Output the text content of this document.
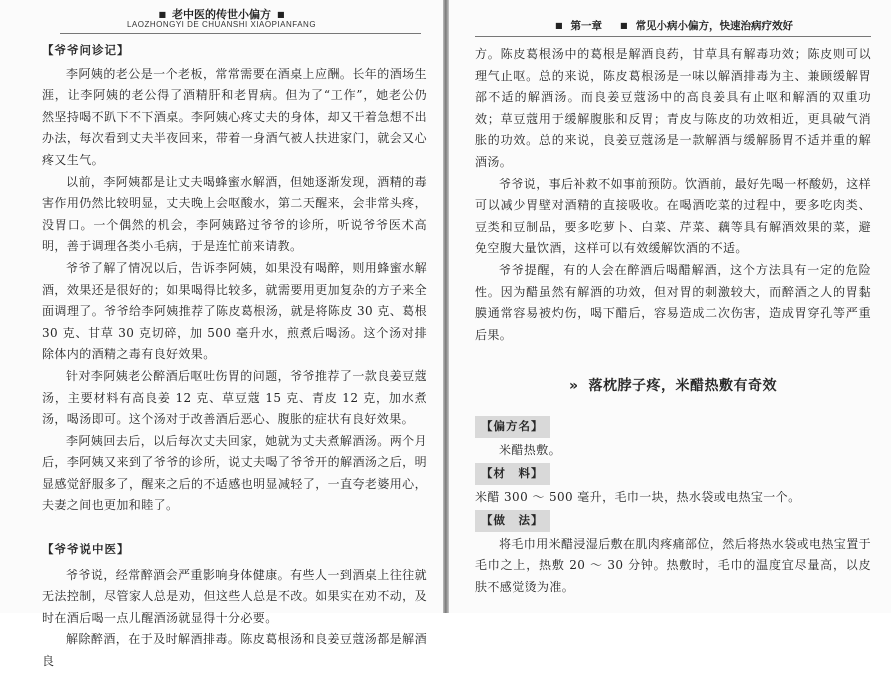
■ 老中医的传世小偏方 ■
LAOZHONGYI DE CHUANSHI XIAOPIANFANG
【爷爷问诊记】

李阿姨的老公是一个老板，常常需要在酒桌上应酬。长年的酒场生涯，让李阿姨的老公得了酒精肝和老胃病。但为了“工作”，她老公仍然坚持喝不趴下不下酒桌。李阿姨心疼丈夫的身体，却又干着急想不出办法，每次看到丈夫半夜回来，带着一身酒气被人扶进家门，就会又心疼又生气。

以前，李阿姨都是让丈夫喝蜂蜜水解酒，但她逐渐发现，酒精的毒害作用仍然比较明显，丈夫晚上会呕酸水，第二天醒来，会非常头疼，没胃口。一个偶然的机会，李阿姨路过爷爷的诊所，听说爷爷医术高明，善于调理各类小毛病，于是连忙前来请教。

爷爷了解了情况以后，告诉李阿姨，如果没有喝醉，则用蜂蜜水解酒，效果还是很好的；如果喝得比较多，就需要用更加复杂的方子来全面调理了。爷爷给李阿姨推荐了陈皮葛根汤，就是将陈皮 30 克、葛根 30 克、甘草 30 克切碎，加 500 毫升水，煎煮后喝汤。这个汤对排除体内的酒精之毒有良好效果。

针对李阿姨老公醉酒后呕吐伤胃的问题，爷爷推荐了一款良姜豆蔻汤，主要材料有高良姜 12 克、草豆蔻 15 克、青皮 12 克，加水煮汤，喝汤即可。这个汤对于改善酒后恶心、腹胀的症状有良好效果。

李阿姨回去后，以后每次丈夫回家，她就为丈夫煮解酒汤。两个月后，李阿姨又来到了爷爷的诊所，说丈夫喝了爷爷开的解酒汤之后，明显感觉舒服多了，醒来之后的不适感也明显减轻了，一直夸老婆用心，夫妻之间也更加和睦了。

【爷爷说中医】

爷爷说，经常醉酒会严重影响身体健康。有些人一到酒桌上往往就无法控制，尽管家人总是劝，但这些人总是不改。如果实在劝不动，及时在酒后喝一点儿醒酒汤就显得十分必要。

解除醉酒，在于及时解酒排毒。陈皮葛根汤和良姜豆蔻汤都是解酒良

■ 第一章 ■ 常见小病小偏方，快速治病疗效好

方。陈皮葛根汤中的葛根是解酒良药，甘草具有解毒功效；陈皮则可以理气止呕。总的来说，陈皮葛根汤是一味以解酒排毒为主、兼顾缓解胃部不适的解酒汤。而良姜豆蔻汤中的高良姜具有止呕和解酒的双重功效；草豆蔻用于缓解腹胀和反胃；青皮与陈皮的功效相近，更具破气消胀的功效。总的来说，良姜豆蔻汤是一款解酒与缓解肠胃不适并重的解酒汤。

爷爷说，事后补救不如事前预防。饮酒前，最好先喝一杯酸奶，这样可以减少胃壁对酒精的直接吸收。在喝酒吃菜的过程中，要多吃肉类、豆类和豆制品，要多吃萝卜、白菜、芹菜、藕等具有解酒效果的菜，避免空腹大量饮酒，这样可以有效缓解饮酒的不适。

爷爷提醒，有的人会在醉酒后喝醋解酒，这个方法具有一定的危险性。因为醋虽然有解酒的功效，但对胃的刺激较大，而醉酒之人的胃黏膜通常容易被灼伤，喝下醋后，容易造成二次伤害，造成胃穿孔等严重后果。

» 落枕脖子疼，米醋热敷有奇效
【偏方名】

米醋热敷。

【材　料】

米醋 300 ～ 500 毫升，毛巾一块，热水袋或电热宝一个。

【做　法】

将毛巾用米醋浸湿后敷在肌肉疼痛部位，然后将热水袋或电热宝置于毛巾之上，热敷 20 ～ 30 分钟。热敷时，毛巾的温度宜尽量高，以皮肤不感觉烫为准。
